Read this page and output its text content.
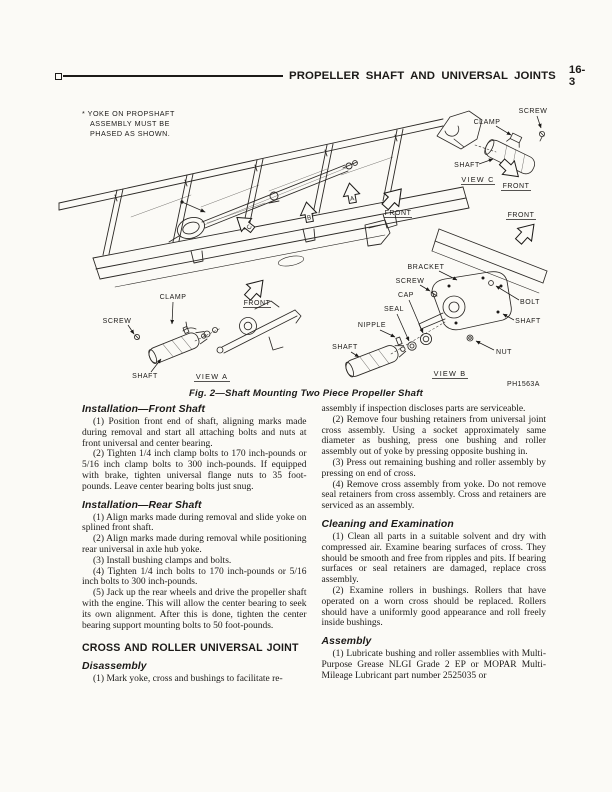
PROPELLER SHAFT AND UNIVERSAL JOINTS 16-3
* YOKE ON PROPSHAFT
ASSEMBLY MUST BE
PHASED AS SHOWN.
C
B
A
FRONT
CLAMP
SCREW
SHAFT
VIEW C
FRONT
FRONT
BRACKET
SCREW
CAP
SEAL
NIPPLE
SHAFT
BOLT
SHAFT
NUT
VIEW B
PH1563A
FRONT
CLAMP
SCREW
SHAFT	VIEW A
Fig. 2—Shaft Mounting Two Piece Propeller Shaft
Installation—Front Shaft

(1) Position front end of shaft, aligning marks made during removal and start all attaching bolts and nuts at front universal and center bearing.

(2) Tighten 1/4 inch clamp bolts to 170 inch-pounds or 5/16 inch clamp bolts to 300 inch-pounds. If equipped with brake, tighten universal flange nuts to 35 foot-pounds. Leave center bearing bolts just snug.

Installation—Rear Shaft

(1) Align marks made during removal and slide yoke on splined front shaft.

(2) Align marks made during removal while positioning rear universal in axle hub yoke.

(3) Install bushing clamps and bolts.

(4) Tighten 1/4 inch bolts to 170 inch-pounds or 5/16 inch bolts to 300 inch-pounds.

(5) Jack up the rear wheels and drive the propeller shaft with the engine. This will allow the center bearing to seek its own alignment. After this is done, tighten the center bearing support mounting bolts to 50 foot-pounds.

CROSS AND ROLLER UNIVERSAL JOINT
Disassembly

(1) Mark yoke, cross and bushings to facilitate re-

assembly if inspection discloses parts are serviceable.

(2) Remove four bushing retainers from universal joint cross assembly. Using a socket approximately same diameter as bushing, press one bushing and roller assembly out of yoke by pressing opposite bushing in.

(3) Press out remaining bushing and roller assembly by pressing on end of cross.

(4) Remove cross assembly from yoke. Do not remove seal retainers from cross assembly. Cross and retainers are serviced as an assembly.

Cleaning and Examination

(1) Clean all parts in a suitable solvent and dry with compressed air. Examine bearing surfaces of cross. They should be smooth and free from ripples and pits. If bearing surfaces or seal retainers are damaged, replace cross assembly.

(2) Examine rollers in bushings. Rollers that have operated on a worn cross should be replaced. Rollers should have a uniformly good appearance and roll freely inside bushings.

Assembly

(1) Lubricate bushing and roller assemblies with Multi-Purpose Grease NLGI Grade 2 EP or MOPAR Multi-Mileage Lubricant part number 2525035 or
